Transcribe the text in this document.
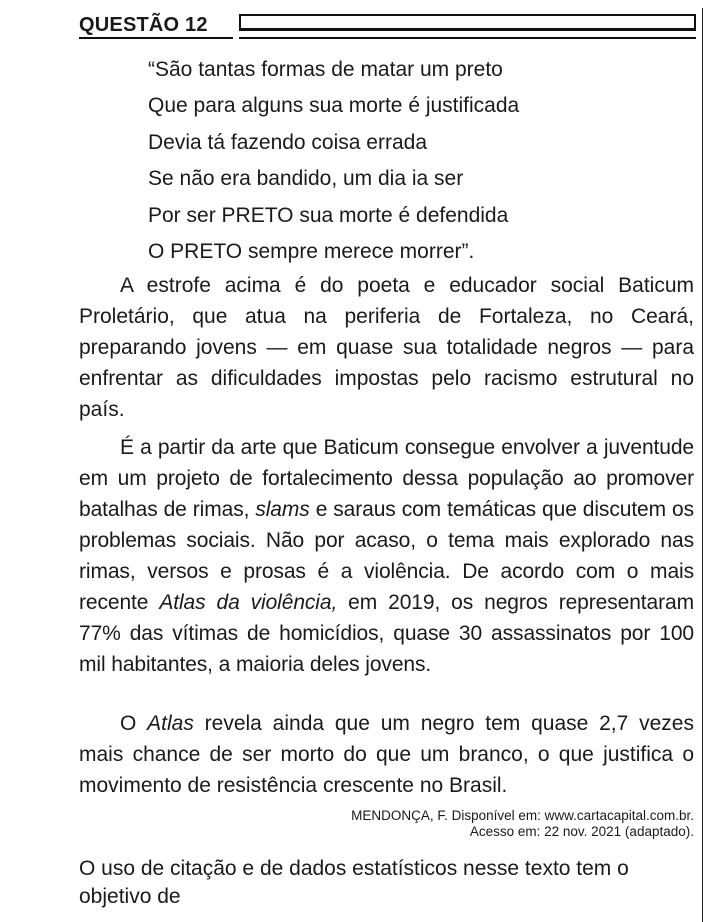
QUESTÃO 12
“São tantas formas de matar um preto
Que para alguns sua morte é justificada
Devia tá fazendo coisa errada
Se não era bandido, um dia ia ser
Por ser PRETO sua morte é defendida
O PRETO sempre merece morrer”.

A estrofe acima é do poeta e educador social Baticum Proletário, que atua na periferia de Fortaleza, no Ceará, preparando jovens — em quase sua totalidade negros — para enfrentar as dificuldades impostas pelo racismo estrutural no país.

É a partir da arte que Baticum consegue envolver a juventude em um projeto de fortalecimento dessa população ao promover batalhas de rimas, slams e saraus com temáticas que discutem os problemas sociais. Não por acaso, o tema mais explorado nas rimas, versos e prosas é a violência. De acordo com o mais recente Atlas da violência, em 2019, os negros representaram 77% das vítimas de homicídios, quase 30 assassinatos por 100 mil habitantes, a maioria deles jovens.

O Atlas revela ainda que um negro tem quase 2,7 vezes mais chance de ser morto do que um branco, o que justifica o movimento de resistência crescente no Brasil.

MENDONÇA, F. Disponível em: www.cartacapital.com.br.
Acesso em: 22 nov. 2021 (adaptado).

O uso de citação e de dados estatísticos nesse texto tem o objetivo de
